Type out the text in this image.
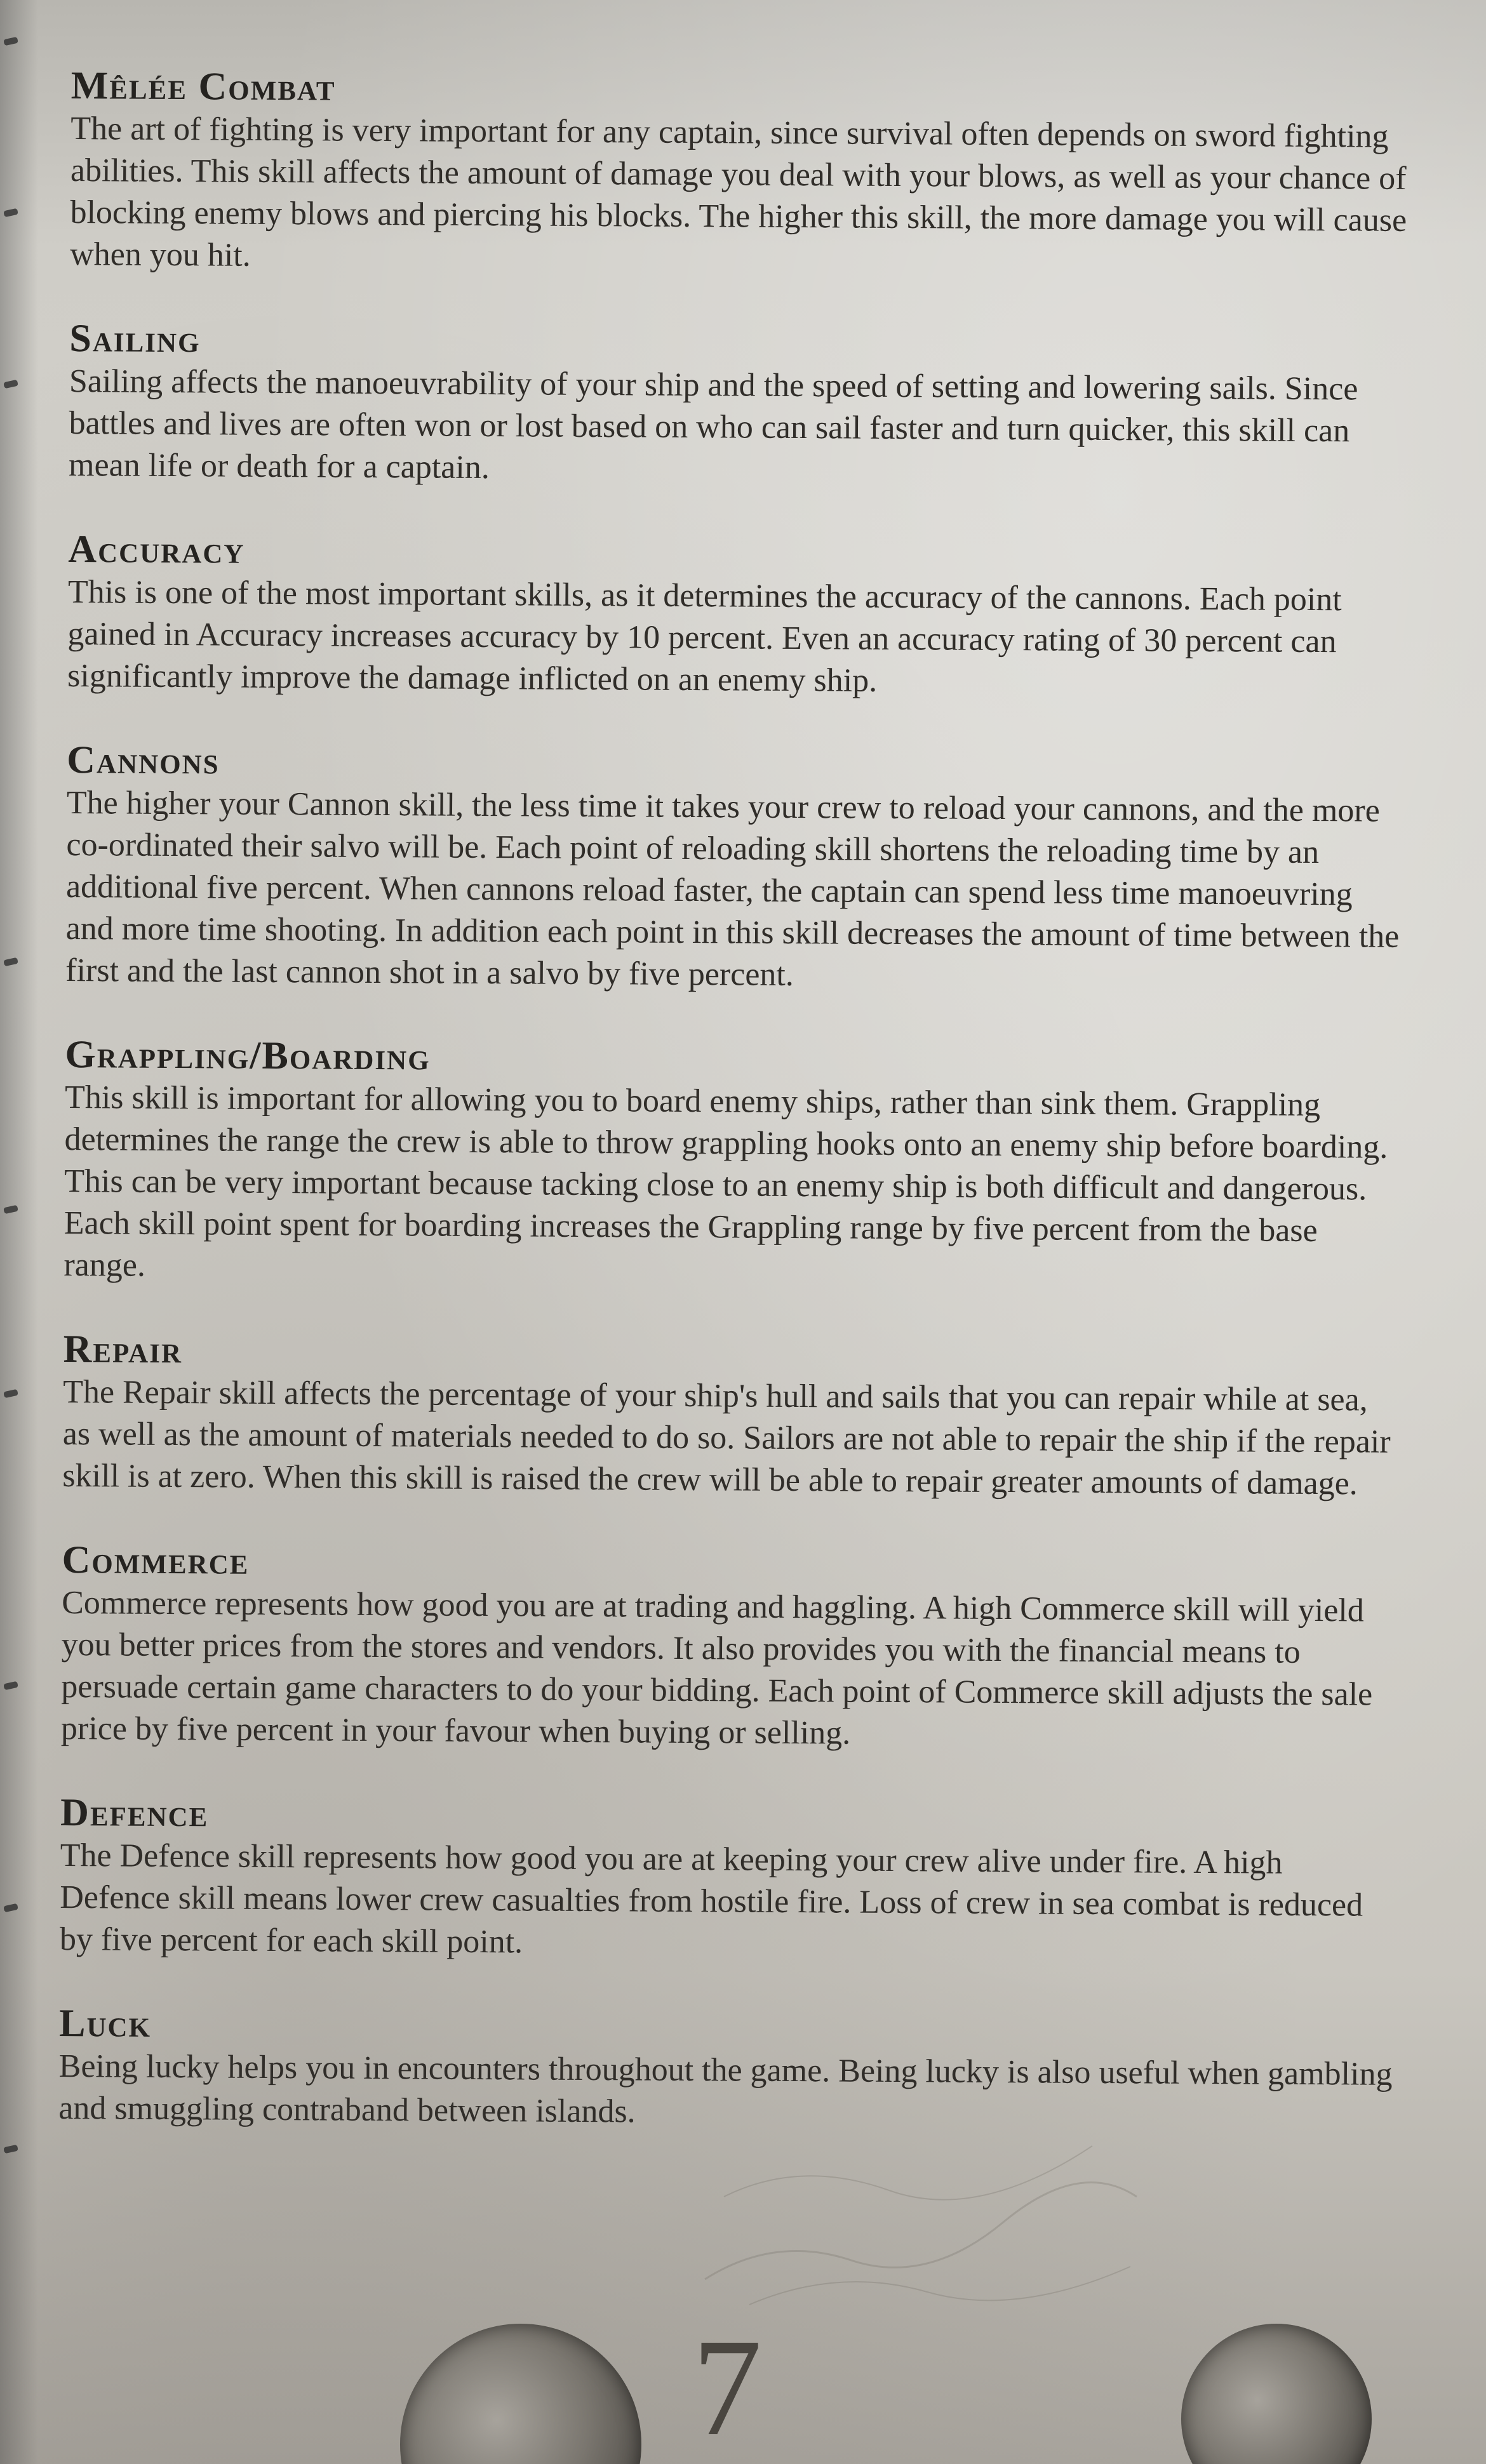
Mêlée Combat

The art of fighting is very important for any captain, since survival often depends on sword fighting abilities. This skill affects the amount of damage you deal with your blows, as well as your chance of blocking enemy blows and piercing his blocks. The higher this skill, the more damage you will cause when you hit.

Sailing

Sailing affects the manoeuvrability of your ship and the speed of setting and lowering sails. Since battles and lives are often won or lost based on who can sail faster and turn quicker, this skill can mean life or death for a captain.

Accuracy

This is one of the most important skills, as it determines the accuracy of the cannons. Each point gained in Accuracy increases accuracy by 10 percent. Even an accuracy rating of 30 percent can significantly improve the damage inflicted on an enemy ship.

Cannons

The higher your Cannon skill, the less time it takes your crew to reload your cannons, and the more co-ordinated their salvo will be. Each point of reloading skill shortens the reloading time by an additional five percent. When cannons reload faster, the captain can spend less time manoeuvring and more time shooting. In addition each point in this skill decreases the amount of time between the first and the last cannon shot in a salvo by five percent.

Grappling/Boarding

This skill is important for allowing you to board enemy ships, rather than sink them. Grappling determines the range the crew is able to throw grappling hooks onto an enemy ship before boarding. This can be very important because tacking close to an enemy ship is both difficult and dangerous. Each skill point spent for boarding increases the Grappling range by five percent from the base range.

Repair

The Repair skill affects the percentage of your ship's hull and sails that you can repair while at sea, as well as the amount of materials needed to do so. Sailors are not able to repair the ship if the repair skill is at zero. When this skill is raised the crew will be able to repair greater amounts of damage.

Commerce

Commerce represents how good you are at trading and haggling. A high Commerce skill will yield you better prices from the stores and vendors. It also provides you with the financial means to persuade certain game characters to do your bidding. Each point of Commerce skill adjusts the sale price by five percent in your favour when buying or selling.

Defence

The Defence skill represents how good you are at keeping your crew alive under fire. A high Defence skill means lower crew casualties from hostile fire. Loss of crew in sea combat is reduced by five percent for each skill point.

Luck

Being lucky helps you in encounters throughout the game. Being lucky is also useful when gambling and smuggling contraband between islands.

7
